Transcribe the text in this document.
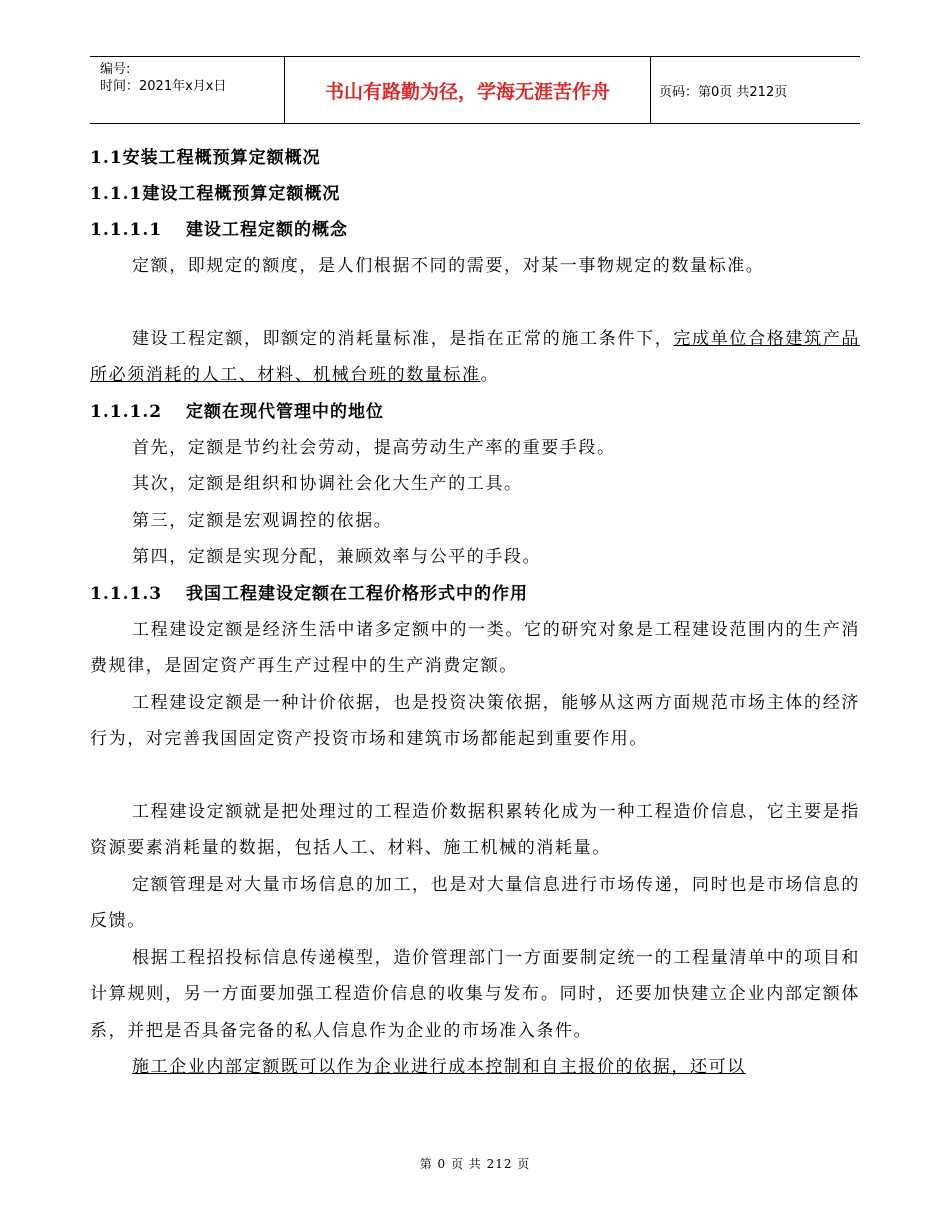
编号:
时间：2021年x月x日	书山有路勤为径，学海无涯苦作舟	页码：第0页 共212页
1.1安装工程概预算定额概况
1.1.1建设工程概预算定额概况
1.1.1.1 建设工程定额的概念

定额，即规定的额度，是人们根据不同的需要，对某一事物规定的数量标准。

建设工程定额，即额定的消耗量标准，是指在正常的施工条件下，完成单位合格建筑产品所必须消耗的人工、材料、机械台班的数量标准。

1.1.1.2 定额在现代管理中的地位

首先，定额是节约社会劳动，提高劳动生产率的重要手段。

其次，定额是组织和协调社会化大生产的工具。

第三，定额是宏观调控的依据。

第四，定额是实现分配，兼顾效率与公平的手段。

1.1.1.3 我国工程建设定额在工程价格形式中的作用

工程建设定额是经济生活中诸多定额中的一类。它的研究对象是工程建设范围内的生产消费规律，是固定资产再生产过程中的生产消费定额。

工程建设定额是一种计价依据，也是投资决策依据，能够从这两方面规范市场主体的经济行为，对完善我国固定资产投资市场和建筑市场都能起到重要作用。

工程建设定额就是把处理过的工程造价数据积累转化成为一种工程造价信息，它主要是指资源要素消耗量的数据，包括人工、材料、施工机械的消耗量。

定额管理是对大量市场信息的加工，也是对大量信息进行市场传递，同时也是市场信息的反馈。

根据工程招投标信息传递模型，造价管理部门一方面要制定统一的工程量清单中的项目和计算规则，另一方面要加强工程造价信息的收集与发布。同时，还要加快建立企业内部定额体系，并把是否具备完备的私人信息作为企业的市场准入条件。

施工企业内部定额既可以作为企业进行成本控制和自主报价的依据，还可以

第 0 页 共 212 页
